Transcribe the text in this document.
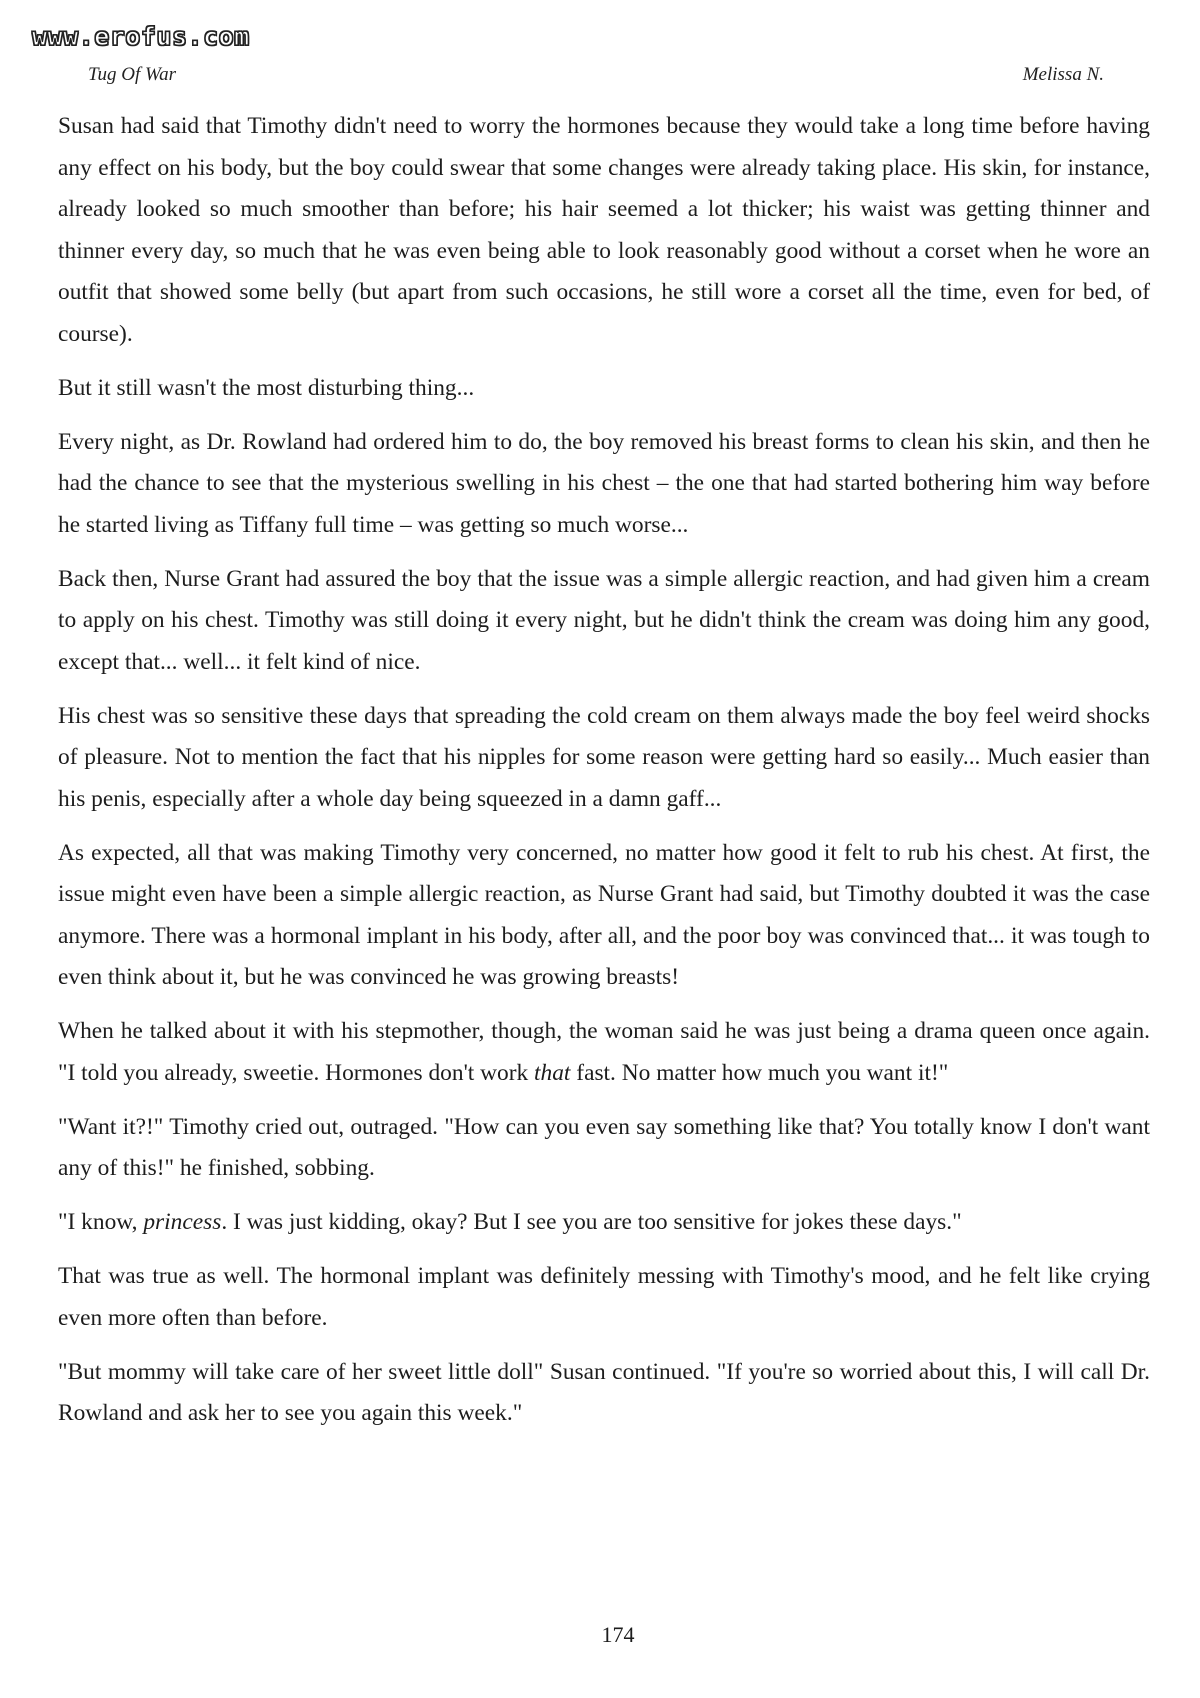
www.erofus.com
Tug Of War	Melissa N.

Susan had said that Timothy didn't need to worry the hormones because they would take a long time before having any effect on his body, but the boy could swear that some changes were already taking place. His skin, for instance, already looked so much smoother than before; his hair seemed a lot thicker; his waist was getting thinner and thinner every day, so much that he was even being able to look reasonably good without a corset when he wore an outfit that showed some belly (but apart from such occasions, he still wore a corset all the time, even for bed, of course).

But it still wasn't the most disturbing thing...

Every night, as Dr. Rowland had ordered him to do, the boy removed his breast forms to clean his skin, and then he had the chance to see that the mysterious swelling in his chest – the one that had started bothering him way before he started living as Tiffany full time – was getting so much worse...

Back then, Nurse Grant had assured the boy that the issue was a simple allergic reaction, and had given him a cream to apply on his chest. Timothy was still doing it every night, but he didn't think the cream was doing him any good, except that... well... it felt kind of nice.

His chest was so sensitive these days that spreading the cold cream on them always made the boy feel weird shocks of pleasure. Not to mention the fact that his nipples for some reason were getting hard so easily... Much easier than his penis, especially after a whole day being squeezed in a damn gaff...

As expected, all that was making Timothy very concerned, no matter how good it felt to rub his chest. At first, the issue might even have been a simple allergic reaction, as Nurse Grant had said, but Timothy doubted it was the case anymore. There was a hormonal implant in his body, after all, and the poor boy was convinced that... it was tough to even think about it, but he was convinced he was growing breasts!

When he talked about it with his stepmother, though, the woman said he was just being a drama queen once again. "I told you already, sweetie. Hormones don't work that fast. No matter how much you want it!"

"Want it?!" Timothy cried out, outraged. "How can you even say something like that? You totally know I don't want any of this!" he finished, sobbing.

"I know, princess. I was just kidding, okay? But I see you are too sensitive for jokes these days."

That was true as well. The hormonal implant was definitely messing with Timothy's mood, and he felt like crying even more often than before.

"But mommy will take care of her sweet little doll" Susan continued. "If you're so worried about this, I will call Dr. Rowland and ask her to see you again this week."

174
